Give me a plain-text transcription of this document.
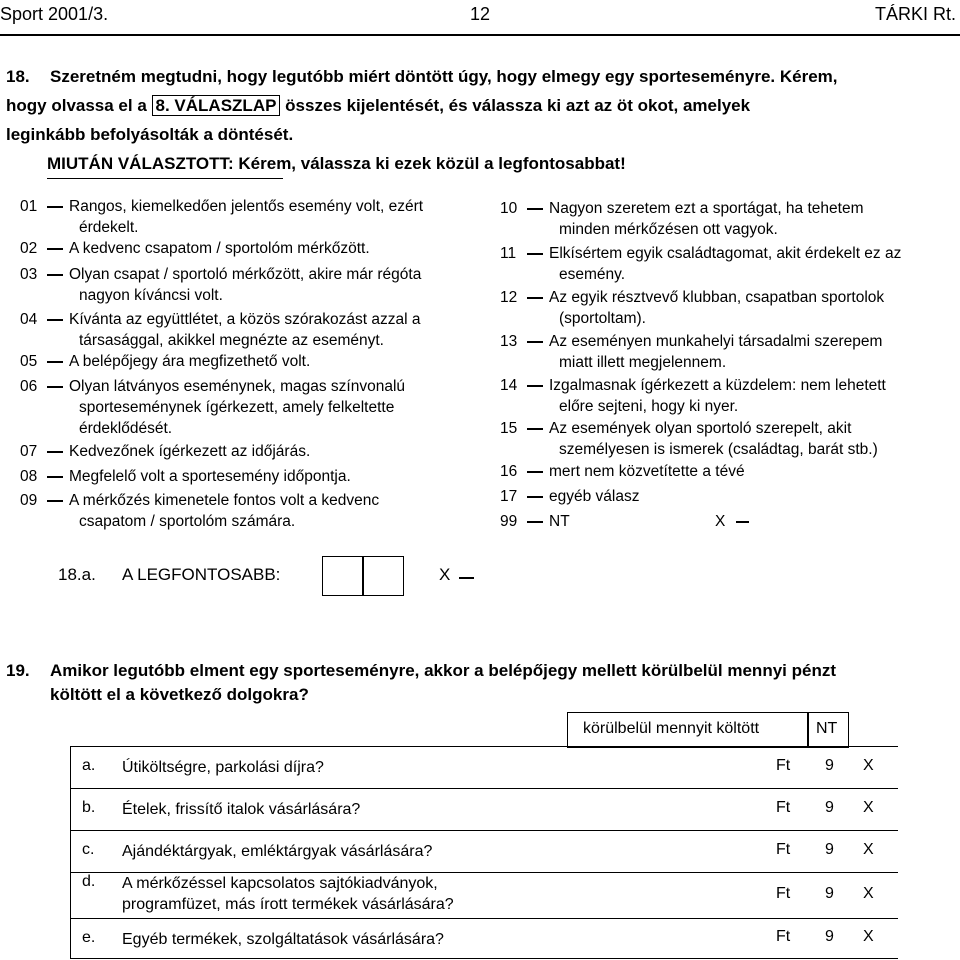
Sport 2001/3.	12	TÁRKI Rt.
18. Szeretném megtudni, hogy legutóbb miért döntött úgy, hogy elmegy egy sporteseményre. Kérem,
hogy olvassa el a 8. VÁLASZLAP összes kijelentését, és válassza ki azt az öt okot, amelyek
leginkább befolyásolták a döntését.
MIUTÁN VÁLASZTOTT: Kérem, válassza ki ezek közül a legfontosabbat!
01 Rangos, kiemelkedően jelentős esemény volt, ezért
érdekelt.
02 A kedvenc csapatom / sportolóm mérkőzött.
03 Olyan csapat / sportoló mérkőzött, akire már régóta
nagyon kíváncsi volt.
04 Kívánta az együttlétet, a közös szórakozást azzal a
társasággal, akikkel megnézte az eseményt.
05 A belépőjegy ára megfizethető volt.
06 Olyan látványos eseménynek, magas színvonalú
sporteseménynek ígérkezett, amely felkeltette
érdeklődését.
07 Kedvezőnek ígérkezett az időjárás.
08 Megfelelő volt a sportesemény időpontja.
09 A mérkőzés kimenetele fontos volt a kedvenc
csapatom / sportolóm számára.
10 Nagyon szeretem ezt a sportágat, ha tehetem
minden mérkőzésen ott vagyok.
11 Elkísértem egyik családtagomat, akit érdekelt ez az
esemény.
12 Az egyik résztvevő klubban, csapatban sportolok
(sportoltam).
13 Az eseményen munkahelyi társadalmi szerepem
miatt illett megjelennem.
14 Izgalmasnak ígérkezett a küzdelem: nem lehetett
előre sejteni, hogy ki nyer.
15 Az események olyan sportoló szerepelt, akit
személyesen is ismerek (családtag, barát stb.)
16 mert nem közvetítette a tévé
17 egyéb válasz
99 NT	X
18.a. A LEGFONTOSABB:	X
19. Amikor legutóbb elment egy sporteseményre, akkor a belépőjegy mellett körülbelül mennyi pénzt
költött el a következő dolgokra?
körülbelül mennyit költött	NT
a. Útiköltségre, parkolási díjra?	Ft 9 X
b. Ételek, frissítő italok vásárlására?	Ft 9 X
c. Ajándéktárgyak, emléktárgyak vásárlására?	Ft 9 X
d. A mérkőzéssel kapcsolatos sajtókiadványok,
programfüzet, más írott termékek vásárlására?
Ft 9 X
e. Egyéb termékek, szolgáltatások vásárlására?	Ft 9 X
